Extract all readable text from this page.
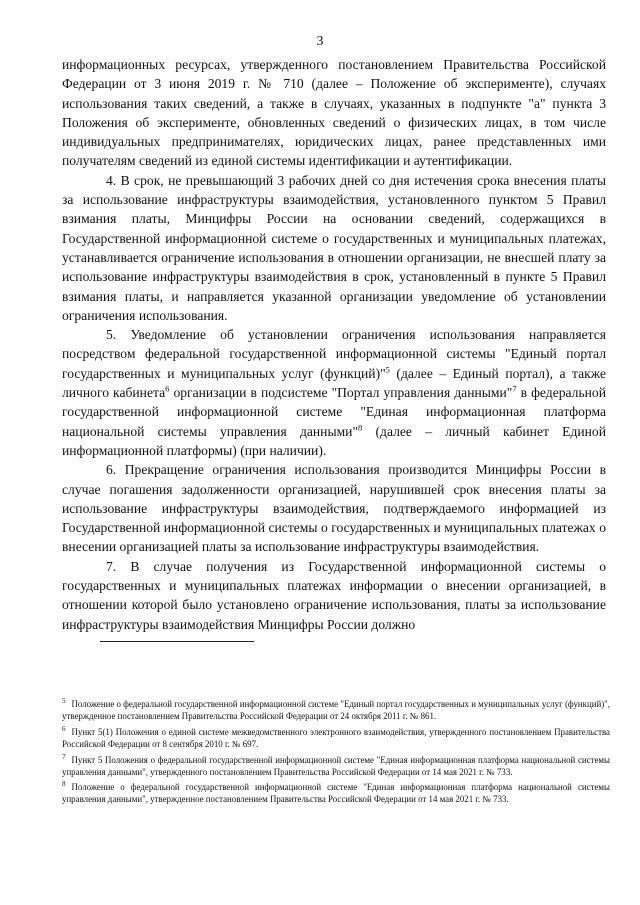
3

информационных ресурсах, утвержденного постановлением Правительства Российской Федерации от 3 июня 2019 г. № 710 (далее – Положение об эксперименте), случаях использования таких сведений, а также в случаях, указанных в подпункте "а" пункта 3 Положения об эксперименте, обновленных сведений о физических лицах, в том числе индивидуальных предпринимателях, юридических лицах, ранее представленных ими получателям сведений из единой системы идентификации и аутентификации.

4. В срок, не превышающий 3 рабочих дней со дня истечения срока внесения платы за использование инфраструктуры взаимодействия, установленного пунктом 5 Правил взимания платы, Минцифры России на основании сведений, содержащихся в Государственной информационной системе о государственных и муниципальных платежах, устанавливается ограничение использования в отношении организации, не внесшей плату за использование инфраструктуры взаимодействия в срок, установленный в пункте 5 Правил взимания платы, и направляется указанной организации уведомление об установлении ограничения использования.

5. Уведомление об установлении ограничения использования направляется посредством федеральной государственной информационной системы "Единый портал государственных и муниципальных услуг (функций)"$^5$ (далее – Единый портал), а также личного кабинета$^6$ организации в подсистеме "Портал управления данными"$^7$ в федеральной государственной информационной системе "Единая информационная платформа национальной системы управления данными"$^8$ (далее – личный кабинет Единой информационной платформы) (при наличии).

6. Прекращение ограничения использования производится Минцифры России в случае погашения задолженности организацией, нарушившей срок внесения платы за использование инфраструктуры взаимодействия, подтверждаемого информацией из Государственной информационной системы о государственных и муниципальных платежах о внесении организацией платы за использование инфраструктуры взаимодействия.

7. В случае получения из Государственной информационной системы о государственных и муниципальных платежах информации о внесении организацией, в отношении которой было установлено ограничение использования, платы за использование инфраструктуры взаимодействия Минцифры России должно

$^5$ Положение о федеральной государственной информационной системе "Единый портал государственных и муниципальных услуг (функций)", утвержденное постановлением Правительства Российской Федерации от 24 октября 2011 г. № 861.

$^6$ Пункт 5(1) Положения о единой системе межведомственного электронного взаимодействия, утвержденного постановлением Правительства Российской Федерации от 8 сентября 2010 г. № 697.

$^7$ Пункт 5 Положения о федеральной государственной информационной системе "Единая информационная платформа национальной системы управления данными", утвержденного постановлением Правительства Российской Федерации от 14 мая 2021 г. № 733.

$^8$ Положение о федеральной государственной информационной системе "Единая информационная платформа национальной системы управления данными", утвержденное постановлением Правительства Российской Федерации от 14 мая 2021 г. № 733.
